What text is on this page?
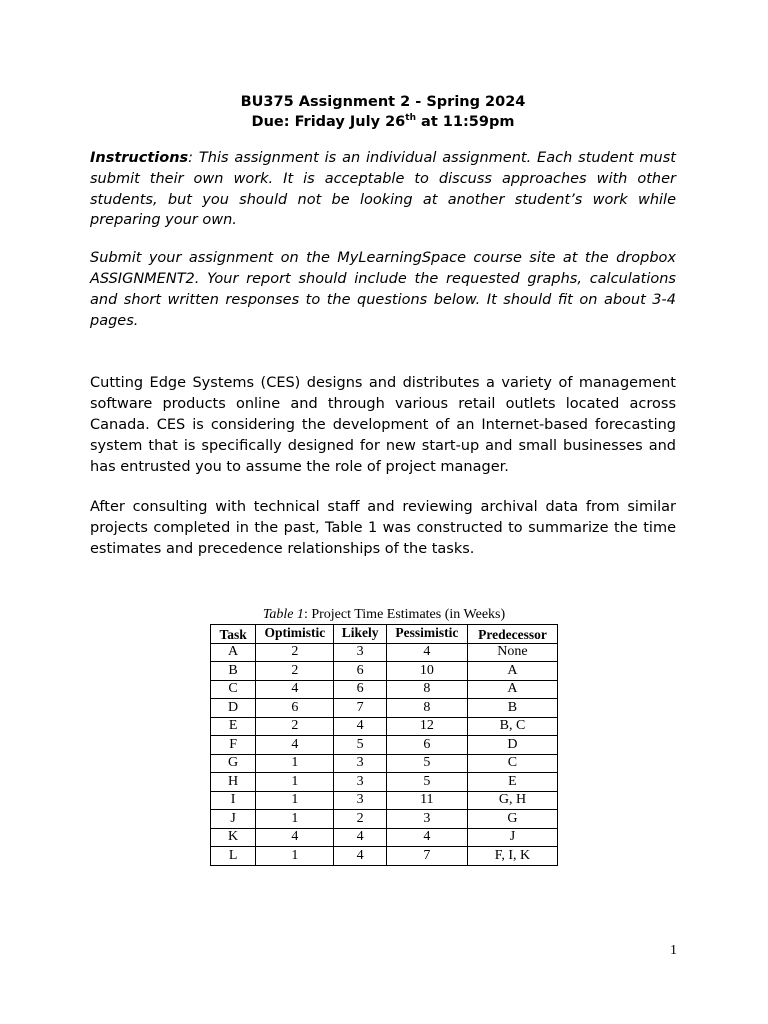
BU375 Assignment 2 - Spring 2024

Due: Friday July 26th at 11:59pm

Instructions: This assignment is an individual assignment. Each student must submit their own work. It is acceptable to discuss approaches with other students, but you should not be looking at another student’s work while preparing your own.

Submit your assignment on the MyLearningSpace course site at the dropbox ASSIGNMENT2. Your report should include the requested graphs, calculations and short written responses to the questions below. It should fit on about 3-4 pages.

Cutting Edge Systems (CES) designs and distributes a variety of management software products online and through various retail outlets located across Canada. CES is considering the development of an Internet-based forecasting system that is specifically designed for new start-up and small businesses and has entrusted you to assume the role of project manager.

After consulting with technical staff and reviewing archival data from similar projects completed in the past, Table 1 was constructed to summarize the time estimates and precedence relationships of the tasks.

Table 1: Project Time Estimates (in Weeks)
Task	Optimistic	Likely	Pessimistic	Predecessor
A	2	3	4	None
B	2	6	10	A
C	4	6	8	A
D	6	7	8	B
E	2	4	12	B, C
F	4	5	6	D
G	1	3	5	C
H	1	3	5	E
I	1	3	11	G, H
J	1	2	3	G
K	4	4	4	J
L	1	4	7	F, I, K
1
